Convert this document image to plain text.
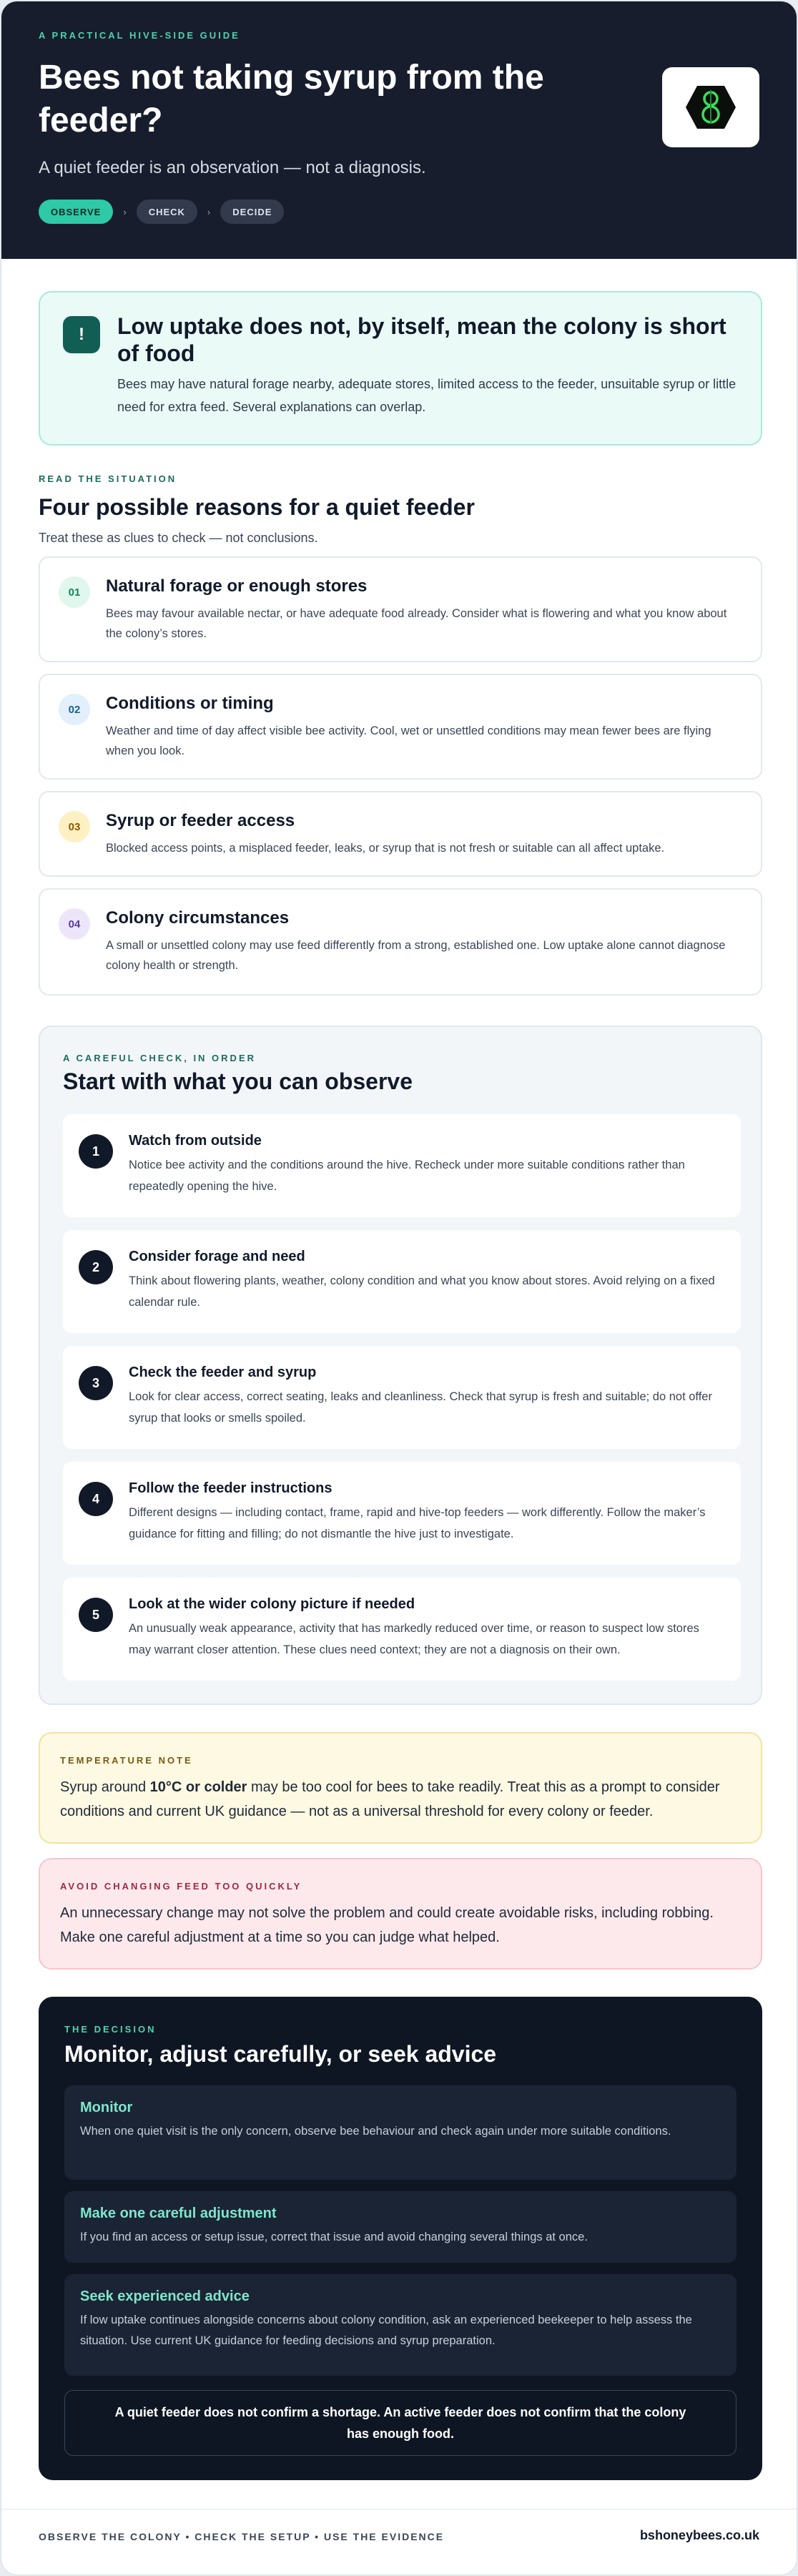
A PRACTICAL HIVE-SIDE GUIDE
Bees not taking syrup from the feeder?
A quiet feeder is an observation — not a diagnosis.
OBSERVE	›	CHECK	›	DECIDE
!	Low uptake does not, by itself, mean the colony is short of food

Bees may have natural forage nearby, adequate stores, limited access to the feeder, unsuitable syrup or little need for extra feed. Several explanations can overlap.

READ THE SITUATION
Four possible reasons for a quiet feeder
Treat these as clues to check — not conclusions.
01	Natural forage or enough stores

Bees may favour available nectar, or have adequate food already. Consider what is flowering and what you know about the colony’s stores.

02	Conditions or timing

Weather and time of day affect visible bee activity. Cool, wet or unsettled conditions may mean fewer bees are flying when you look.

03	Syrup or feeder access

Blocked access points, a misplaced feeder, leaks, or syrup that is not fresh or suitable can all affect uptake.

04	Colony circumstances

A small or unsettled colony may use feed differently from a strong, established one. Low uptake alone cannot diagnose colony health or strength.

A CAREFUL CHECK, IN ORDER
Start with what you can observe
1
Watch from outside

Notice bee activity and the conditions around the hive. Recheck under more suitable conditions rather than repeatedly opening the hive.

2
Consider forage and need

Think about flowering plants, weather, colony condition and what you know about stores. Avoid relying on a fixed calendar rule.

3
Check the feeder and syrup

Look for clear access, correct seating, leaks and cleanliness. Check that syrup is fresh and suitable; do not offer syrup that looks or smells spoiled.

4
Follow the feeder instructions

Different designs — including contact, frame, rapid and hive-top feeders — work differently. Follow the maker’s guidance for fitting and filling; do not dismantle the hive just to investigate.

5
Look at the wider colony picture if needed

An unusually weak appearance, activity that has markedly reduced over time, or reason to suspect low stores may warrant closer attention. These clues need context; they are not a diagnosis on their own.

TEMPERATURE NOTE

Syrup around 10°C or colder may be too cool for bees to take readily. Treat this as a prompt to consider conditions and current UK guidance — not as a universal threshold for every colony or feeder.

AVOID CHANGING FEED TOO QUICKLY

An unnecessary change may not solve the problem and could create avoidable risks, including robbing. Make one careful adjustment at a time so you can judge what helped.

THE DECISION
Monitor, adjust carefully, or seek advice
Monitor

When one quiet visit is the only concern, observe bee behaviour and check again under more suitable conditions.

Make one careful adjustment

If you find an access or setup issue, correct that issue and avoid changing several things at once.

Seek experienced advice

If low uptake continues alongside concerns about colony condition, ask an experienced beekeeper to help assess the situation. Use current UK guidance for feeding decisions and syrup preparation.

A quiet feeder does not confirm a shortage. An active feeder does not confirm that the colony has enough food.
OBSERVE THE COLONY • CHECK THE SETUP • USE THE EVIDENCE	bshoneybees.co.uk
